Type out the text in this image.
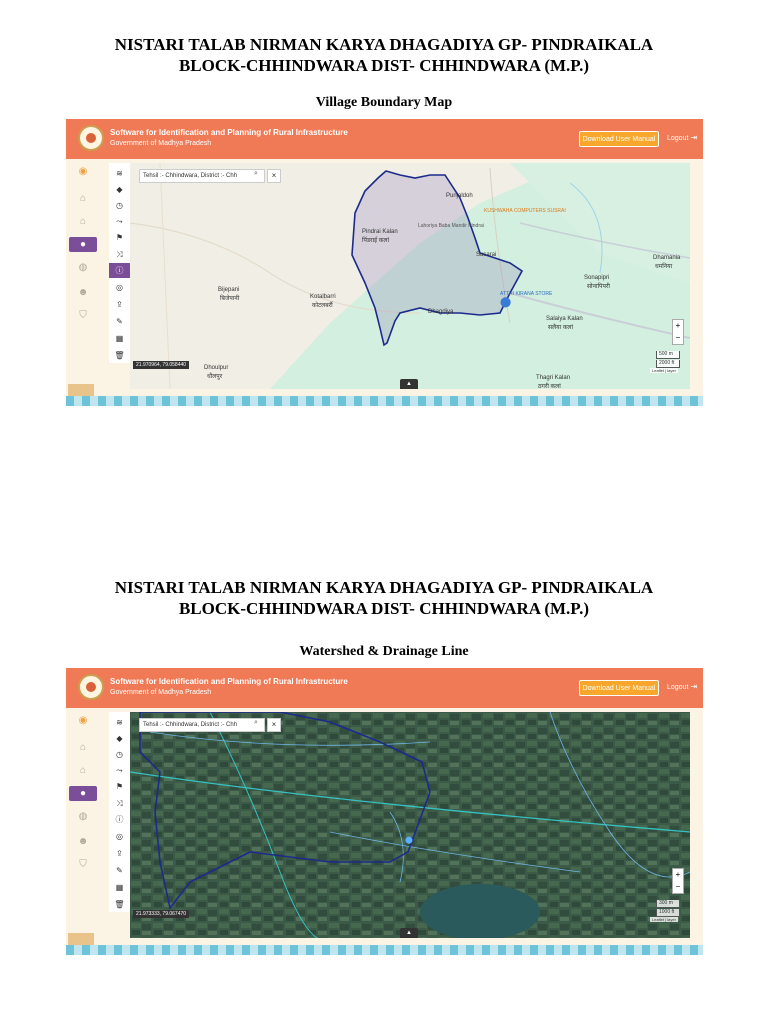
NISTARI TALAB NIRMAN KARYA DHAGADIYA GP- PINDRAIKALA
BLOCK-CHHINDWARA DIST- CHHINDWARA (M.P.)
Village Boundary Map
Software for Identification and Planning of Rural Infrastructure
Government of Madhya Pradesh
Download User Manual	Logout ⇥
◉
⌂
⌂
●
◍
☻
⛉
≋
◆
◷
⤳
⚑
⤨
ⓘ
◎
⇪
✎
▦
🗑
Tehsil :- Chhindwara, District :- Chh	⌕	×
Punjaldoh
Pindrai Kalan
पिंडराई कलां
Lahoriya Baba Mandir Pindrai
KUSHWAHA COMPUTERS SUSRAI
Susarai	Dhamania
धमनिया
Sonapipri
सोनापिपरी
Bijepani
बिजेपानी	Kotalbarri
कोटलबर्री
Dhagdiya
ATTRI KIRANA STORE
Salaiya Kalan
सलैया कलां
Thagri Kalan
ठगरी कलां
Dhoulpur
धौलपुर
⬤
21.970964, 79.058440
+
−
500 m
2000 ft
Leaflet | layer
▲
NISTARI TALAB NIRMAN KARYA DHAGADIYA GP- PINDRAIKALA
BLOCK-CHHINDWARA DIST- CHHINDWARA (M.P.)
Watershed & Drainage Line
Software for Identification and Planning of Rural Infrastructure
Government of Madhya Pradesh
Download User Manual	Logout ⇥
◉
⌂
⌂
●
◍
☻
⛉
≋
◆
◷
⤳
⚑
⤨
ⓘ
◎
⇪
✎
▦
🗑
Tehsil :- Chhindwara, District :- Chh	⌕	×
⬤
21.973333, 79.067470
+
−
300 m
1000 ft
Leaflet | layer
▲
